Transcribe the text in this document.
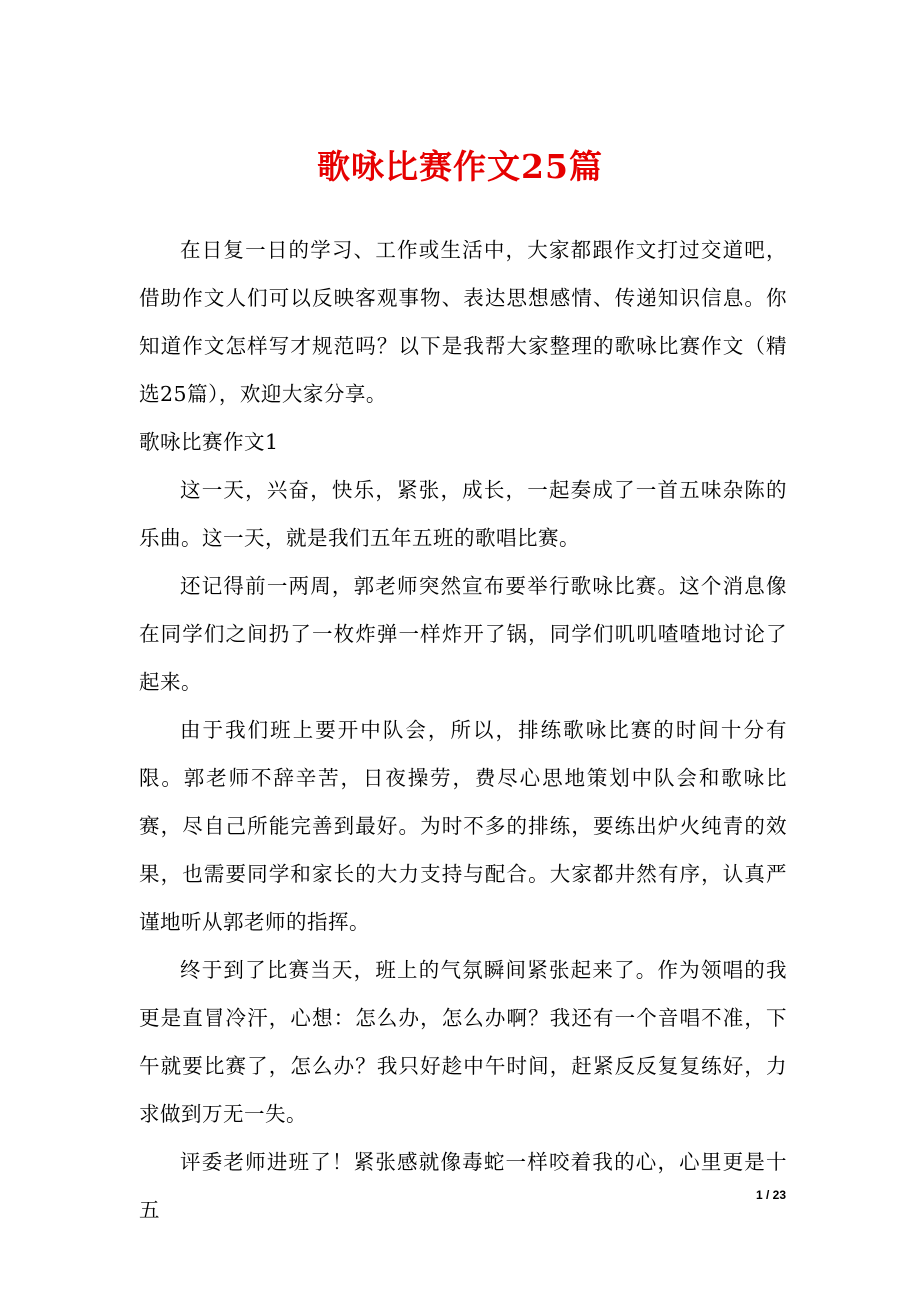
歌咏比赛作文25篇

在日复一日的学习、工作或生活中，大家都跟作文打过交道吧，借助作文人们可以反映客观事物、表达思想感情、传递知识信息。你知道作文怎样写才规范吗？以下是我帮大家整理的歌咏比赛作文（精选25篇），欢迎大家分享。

歌咏比赛作文1

这一天，兴奋，快乐，紧张，成长，一起奏成了一首五味杂陈的乐曲。这一天，就是我们五年五班的歌唱比赛。

还记得前一两周，郭老师突然宣布要举行歌咏比赛。这个消息像在同学们之间扔了一枚炸弹一样炸开了锅，同学们叽叽喳喳地讨论了起来。

由于我们班上要开中队会，所以，排练歌咏比赛的时间十分有限。郭老师不辞辛苦，日夜操劳，费尽心思地策划中队会和歌咏比赛，尽自己所能完善到最好。为时不多的排练，要练出炉火纯青的效果，也需要同学和家长的大力支持与配合。大家都井然有序，认真严谨地听从郭老师的指挥。

终于到了比赛当天，班上的气氛瞬间紧张起来了。作为领唱的我更是直冒冷汗，心想：怎么办，怎么办啊？我还有一个音唱不准，下午就要比赛了，怎么办？我只好趁中午时间，赶紧反反复复练好，力求做到万无一失。

评委老师进班了！紧张感就像毒蛇一样咬着我的心，心里更是十五

1 / 23
